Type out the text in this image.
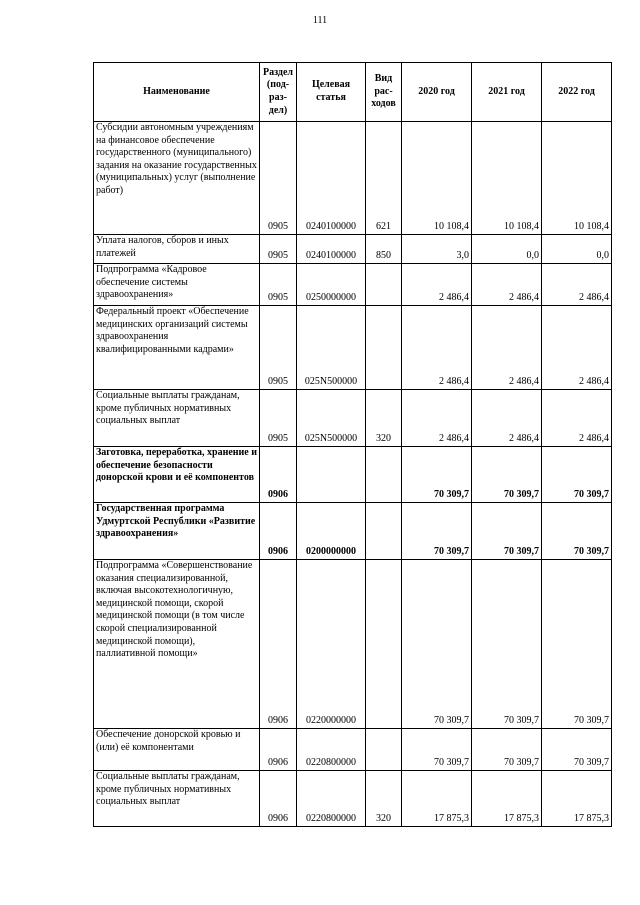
111
Наименование	Раздел (под-раз-дел)	Целевая статья	Вид рас-ходов	2020 год	2021 год	2022 год
Субсидии автономным учреждениям на финансовое обеспечение государственного (муниципального) задания на оказание государственных (муниципальных) услуг (выполнение работ)	0905	0240100000	621	10 108,4	10 108,4	10 108,4
Уплата налогов, сборов и иных платежей	0905	0240100000	850	3,0	0,0	0,0
Подпрограмма «Кадровое обеспечение системы здравоохранения»	0905	0250000000		2 486,4	2 486,4	2 486,4
Федеральный проект «Обеспечение медицинских организаций системы здравоохранения квалифицированными кадрами»	0905	025N500000		2 486,4	2 486,4	2 486,4
Социальные выплаты гражданам, кроме публичных нормативных социальных выплат	0905	025N500000	320	2 486,4	2 486,4	2 486,4
Заготовка, переработка, хранение и обеспечение безопасности донорской крови и её компонентов	0906			70 309,7	70 309,7	70 309,7
Государственная программа Удмуртской Республики «Развитие здравоохранения»	0906	0200000000		70 309,7	70 309,7	70 309,7
Подпрограмма «Совершенствование оказания специализированной, включая высокотехнологичную, медицинской помощи, скорой медицинской помощи (в том числе скорой специализированной медицинской помощи), паллиативной помощи»	0906	0220000000		70 309,7	70 309,7	70 309,7
Обеспечение донорской кровью и (или) её компонентами	0906	0220800000		70 309,7	70 309,7	70 309,7
Социальные выплаты гражданам, кроме публичных нормативных социальных выплат	0906	0220800000	320	17 875,3	17 875,3	17 875,3
